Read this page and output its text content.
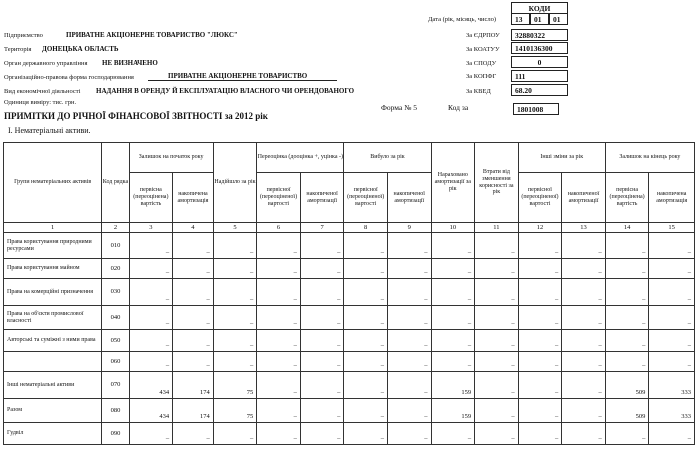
КОДИ
Дата (рік, місяць, число)	13	01	01
Підприємство	ПРИВАТНЕ АКЦІОНЕРНЕ ТОВАРИСТВО "ЛЮКС"	За ЄДРПОУ	32880322
Територія ДОНЕЦЬКА ОБЛАСТЬ	За КОАТУУ	1410136300
Орган державного управління НЕ ВИЗНАЧЕНО	За СПОДУ	0
Організаційно-правова форма господарювання	ПРИВАТНЕ АКЦІОНЕРНЕ ТОВАРИСТВО	За КОПФГ	111
Вид економічної діяльності НАДАННЯ В ОРЕНДУ Й ЕКСПЛУАТАЦІЮ ВЛАСНОГО ЧИ ОРЕНДОВАНОГО	За КВЕД	68.20
Одиниця виміру: тис. грн.
Форма № 5	Код за	1801008
ПРИМІТКИ ДО РІЧНОЇ ФІНАНСОВОЇ ЗВІТНОСТІ за 2012 рік
I. Нематеріальні активи.
Групи нематеріальних активів	Код рядка	Залишок на початок року		Надійшло за рік	Переоцінка (дооцінка +, уцінка -)		Вибуло за рік		Нараховано амортизації за рік	Втрати від зменшення корисності за рік	Інші зміни за рік		Залишок на кінець року	
		первісна (переоцінена) вартість	накопичена амортизація		первісної (переоціненої) вартості	накопиченої амортизації	первісної (переоціненої) вартості	накопиченої амортизації			первісної (переоціненої) вартості	накопиченої амортизації	первісна (переоцінена) вартість	накопичена амортизація
1	2	3	4	5	6	7	8	9	10	11	12	13	14	15
Права користування природними ресурсами	010	–	–	–	–	–	–	–	–	–	–	–	–	–
Права користування майном	020	–	–	–	–	–	–	–	–	–	–	–	–	–
Права на комерційні призначення	030	–	–	–	–	–	–	–	–	–	–	–	–	–
Права на об'єкти промислової власності	040	–	–	–	–	–	–	–	–	–	–	–	–	–
Авторські та суміжні з ними права	050	–	–	–	–	–	–	–	–	–	–	–	–	–
	060	–	–	–	–	–	–	–	–	–	–	–	–	–
Інші нематеріальні активи	070	434	174	75	–	–	–	–	159	–	–	–	509	333
Разом	080	434	174	75	–	–	–	–	159	–	–	–	509	333
Гудвіл	090	–	–	–	–	–	–	–	–	–	–	–	–	–
